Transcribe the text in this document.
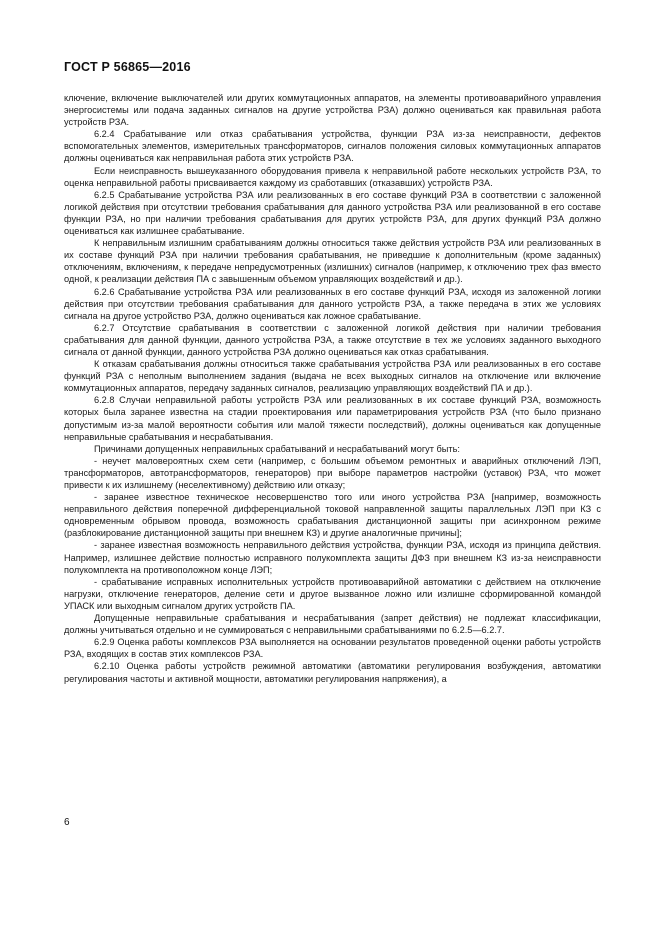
ГОСТ Р 56865—2016

ключение, включение выключателей или других коммутационных аппаратов, на элементы противоаварийного управления энергосистемы или подача заданных сигналов на другие устройства РЗА) должно оцениваться как правильная работа устройств РЗА.

6.2.4 Срабатывание или отказ срабатывания устройства, функции РЗА из-за неисправности, дефектов вспомогательных элементов, измерительных трансформаторов, сигналов положения силовых коммутационных аппаратов должны оцениваться как неправильная работа этих устройств РЗА.

Если неисправность вышеуказанного оборудования привела к неправильной работе нескольких устройств РЗА, то оценка неправильной работы присваивается каждому из сработавших (отказавших) устройств РЗА.

6.2.5 Срабатывание устройства РЗА или реализованных в его составе функций РЗА в соответствии с заложенной логикой действия при отсутствии требования срабатывания для данного устройства РЗА или реализованной в его составе функции РЗА, но при наличии требования срабатывания для других устройств РЗА, для других функций РЗА должно оцениваться как излишнее срабатывание.

К неправильным излишним срабатываниям должны относиться также действия устройств РЗА или реализованных в их составе функций РЗА при наличии требования срабатывания, не приведшие к дополнительным (кроме заданных) отключениям, включениям, к передаче непредусмотренных (излишних) сигналов (например, к отключению трех фаз вместо одной, к реализации действия ПА с завышенным объемом управляющих воздействий и др.).

6.2.6 Срабатывание устройства РЗА или реализованных в его составе функций РЗА, исходя из заложенной логики действия при отсутствии требования срабатывания для данного устройств РЗА, а также передача в этих же условиях сигнала на другое устройство РЗА, должно оцениваться как ложное срабатывание.

6.2.7 Отсутствие срабатывания в соответствии с заложенной логикой действия при наличии требования срабатывания для данной функции, данного устройства РЗА, а также отсутствие в тех же условиях заданного выходного сигнала от данной функции, данного устройства РЗА должно оцениваться как отказ срабатывания.

К отказам срабатывания должны относиться также срабатывания устройства РЗА или реализованных в его составе функций РЗА с неполным выполнением задания (выдача не всех выходных сигналов на отключение или включение коммутационных аппаратов, передачу заданных сигналов, реализацию управляющих воздействий ПА и др.).

6.2.8 Случаи неправильной работы устройств РЗА или реализованных в их составе функций РЗА, возможность которых была заранее известна на стадии проектирования или параметрирования устройств РЗА (что было признано допустимым из-за малой вероятности события или малой тяжести последствий), должны оцениваться как допущенные неправильные срабатывания и несрабатывания.

Причинами допущенных неправильных срабатываний и несрабатываний могут быть:

- неучет маловероятных схем сети (например, с большим объемом ремонтных и аварийных отключений ЛЭП, трансформаторов, автотрансформаторов, генераторов) при выборе параметров настройки (уставок) РЗА, что может привести к их излишнему (неселективному) действию или отказу;

- заранее известное техническое несовершенство того или иного устройства РЗА [например, возможность неправильного действия поперечной дифференциальной токовой направленной защиты параллельных ЛЭП при КЗ с одновременным обрывом провода, возможность срабатывания дистанционной защиты при асинхронном режиме (разблокирование дистанционной защиты при внешнем КЗ) и другие аналогичные причины];

- заранее известная возможность неправильного действия устройства, функции РЗА, исходя из принципа действия. Например, излишнее действие полностью исправного полукомплекта защиты ДФЗ при внешнем КЗ из-за неисправности полукомплекта на противоположном конце ЛЭП;

- срабатывание исправных исполнительных устройств противоаварийной автоматики с действием на отключение нагрузки, отключение генераторов, деление сети и другое вызванное ложно или излишне сформированной командой УПАСК или выходным сигналом других устройств ПА.

Допущенные неправильные срабатывания и несрабатывания (запрет действия) не подлежат классификации, должны учитываться отдельно и не суммироваться с неправильными срабатываниями по 6.2.5—6.2.7.

6.2.9 Оценка работы комплексов РЗА выполняется на основании результатов проведенной оценки работы устройств РЗА, входящих в состав этих комплексов РЗА.

6.2.10 Оценка работы устройств режимной автоматики (автоматики регулирования возбуждения, автоматики регулирования частоты и активной мощности, автоматики регулирования напряжения), а

6
